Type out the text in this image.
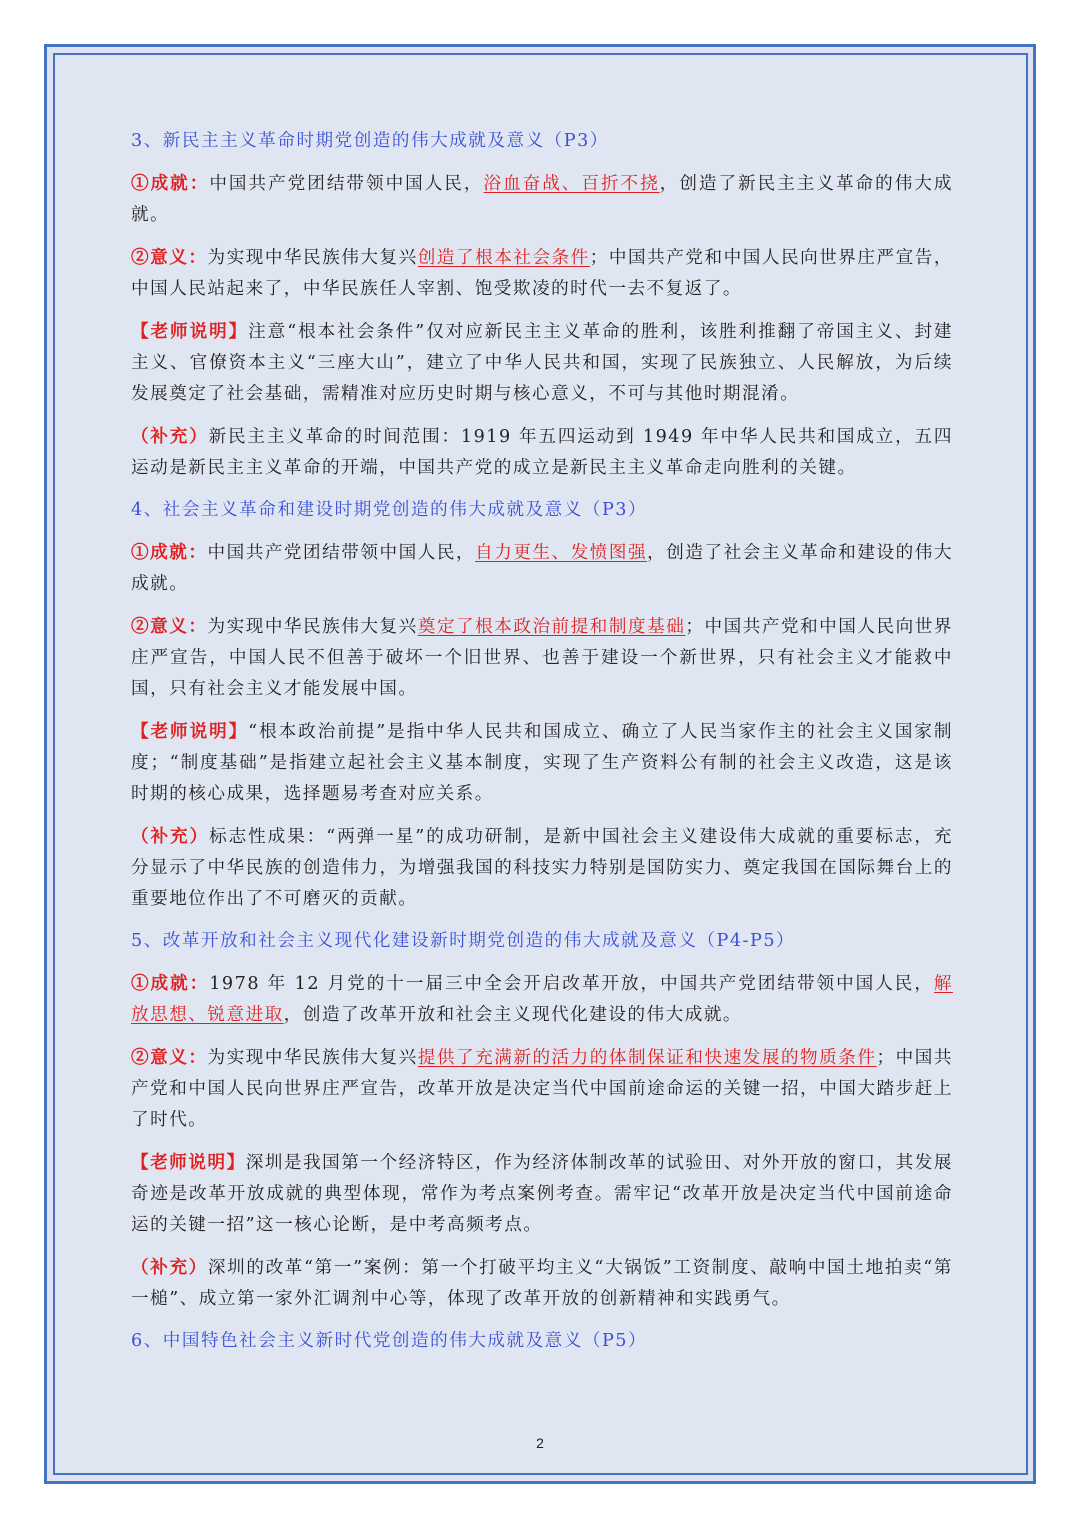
3、新民主主义革命时期党创造的伟大成就及意义（P3）

①成就：中国共产党团结带领中国人民，浴血奋战、百折不挠，创造了新民主主义革命的伟大成就。

②意义：为实现中华民族伟大复兴创造了根本社会条件；中国共产党和中国人民向世界庄严宣告，中国人民站起来了，中华民族任人宰割、饱受欺凌的时代一去不复返了。

【老师说明】注意“根本社会条件”仅对应新民主主义革命的胜利，该胜利推翻了帝国主义、封建主义、官僚资本主义“三座大山”，建立了中华人民共和国，实现了民族独立、人民解放，为后续发展奠定了社会基础，需精准对应历史时期与核心意义，不可与其他时期混淆。

（补充）新民主主义革命的时间范围：1919 年五四运动到 1949 年中华人民共和国成立，五四运动是新民主主义革命的开端，中国共产党的成立是新民主主义革命走向胜利的关键。

4、社会主义革命和建设时期党创造的伟大成就及意义（P3）

①成就：中国共产党团结带领中国人民，自力更生、发愤图强，创造了社会主义革命和建设的伟大成就。

②意义：为实现中华民族伟大复兴奠定了根本政治前提和制度基础；中国共产党和中国人民向世界庄严宣告，中国人民不但善于破坏一个旧世界、也善于建设一个新世界，只有社会主义才能救中国，只有社会主义才能发展中国。

【老师说明】“根本政治前提”是指中华人民共和国成立、确立了人民当家作主的社会主义国家制度；“制度基础”是指建立起社会主义基本制度，实现了生产资料公有制的社会主义改造，这是该时期的核心成果，选择题易考查对应关系。

（补充）标志性成果：“两弹一星”的成功研制，是新中国社会主义建设伟大成就的重要标志，充分显示了中华民族的创造伟力，为增强我国的科技实力特别是国防实力、奠定我国在国际舞台上的重要地位作出了不可磨灭的贡献。

5、改革开放和社会主义现代化建设新时期党创造的伟大成就及意义（P4-P5）

①成就：1978 年 12 月党的十一届三中全会开启改革开放，中国共产党团结带领中国人民，解放思想、锐意进取，创造了改革开放和社会主义现代化建设的伟大成就。

②意义：为实现中华民族伟大复兴提供了充满新的活力的体制保证和快速发展的物质条件；中国共产党和中国人民向世界庄严宣告，改革开放是决定当代中国前途命运的关键一招，中国大踏步赶上了时代。

【老师说明】深圳是我国第一个经济特区，作为经济体制改革的试验田、对外开放的窗口，其发展奇迹是改革开放成就的典型体现，常作为考点案例考查。需牢记“改革开放是决定当代中国前途命运的关键一招”这一核心论断，是中考高频考点。

（补充）深圳的改革“第一”案例：第一个打破平均主义“大锅饭”工资制度、敲响中国土地拍卖“第一槌”、成立第一家外汇调剂中心等，体现了改革开放的创新精神和实践勇气。

6、中国特色社会主义新时代党创造的伟大成就及意义（P5）
2
